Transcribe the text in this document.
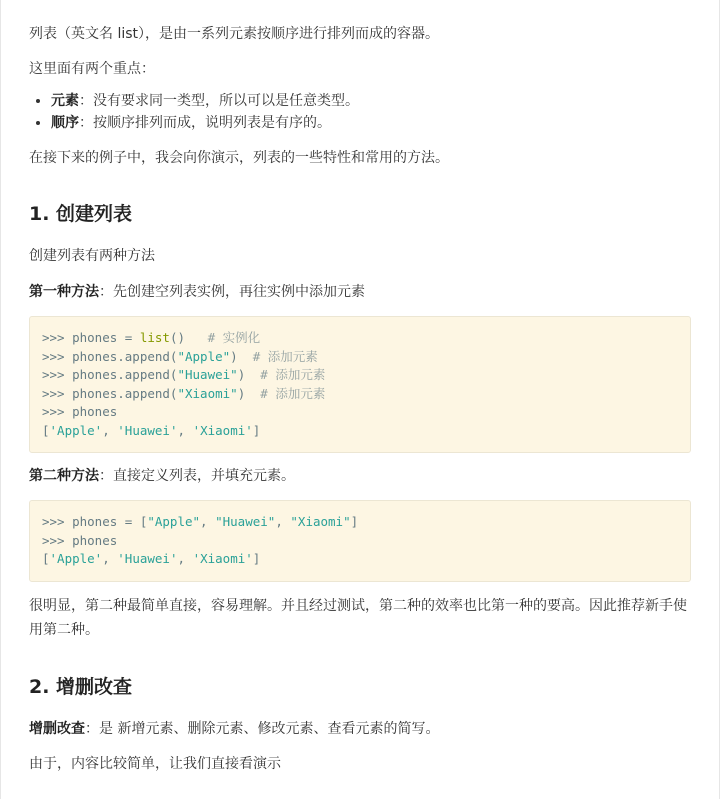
列表（英文名 list），是由一系列元素按顺序进行排列而成的容器。

这里面有两个重点：

• 元素：没有要求同一类型，所以可以是任意类型。
• 顺序：按顺序排列而成，说明列表是有序的。

在接下来的例子中，我会向你演示，列表的一些特性和常用的方法。

1. 创建列表

创建列表有两种方法

第一种方法：先创建空列表实例，再往实例中添加元素

>>> phones = list()   # 实例化
>>> phones.append("Apple")  # 添加元素
>>> phones.append("Huawei")  # 添加元素
>>> phones.append("Xiaomi")  # 添加元素
>>> phones
['Apple', 'Huawei', 'Xiaomi']

第二种方法：直接定义列表，并填充元素。

>>> phones = ["Apple", "Huawei", "Xiaomi"]
>>> phones
['Apple', 'Huawei', 'Xiaomi']

很明显，第二种最简单直接，容易理解。并且经过测试，第二种的效率也比第一种的要高。因此推荐新手使用第二种。

2. 增删改查

增删改查：是 新增元素、删除元素、修改元素、查看元素的简写。

由于，内容比较简单，让我们直接看演示
